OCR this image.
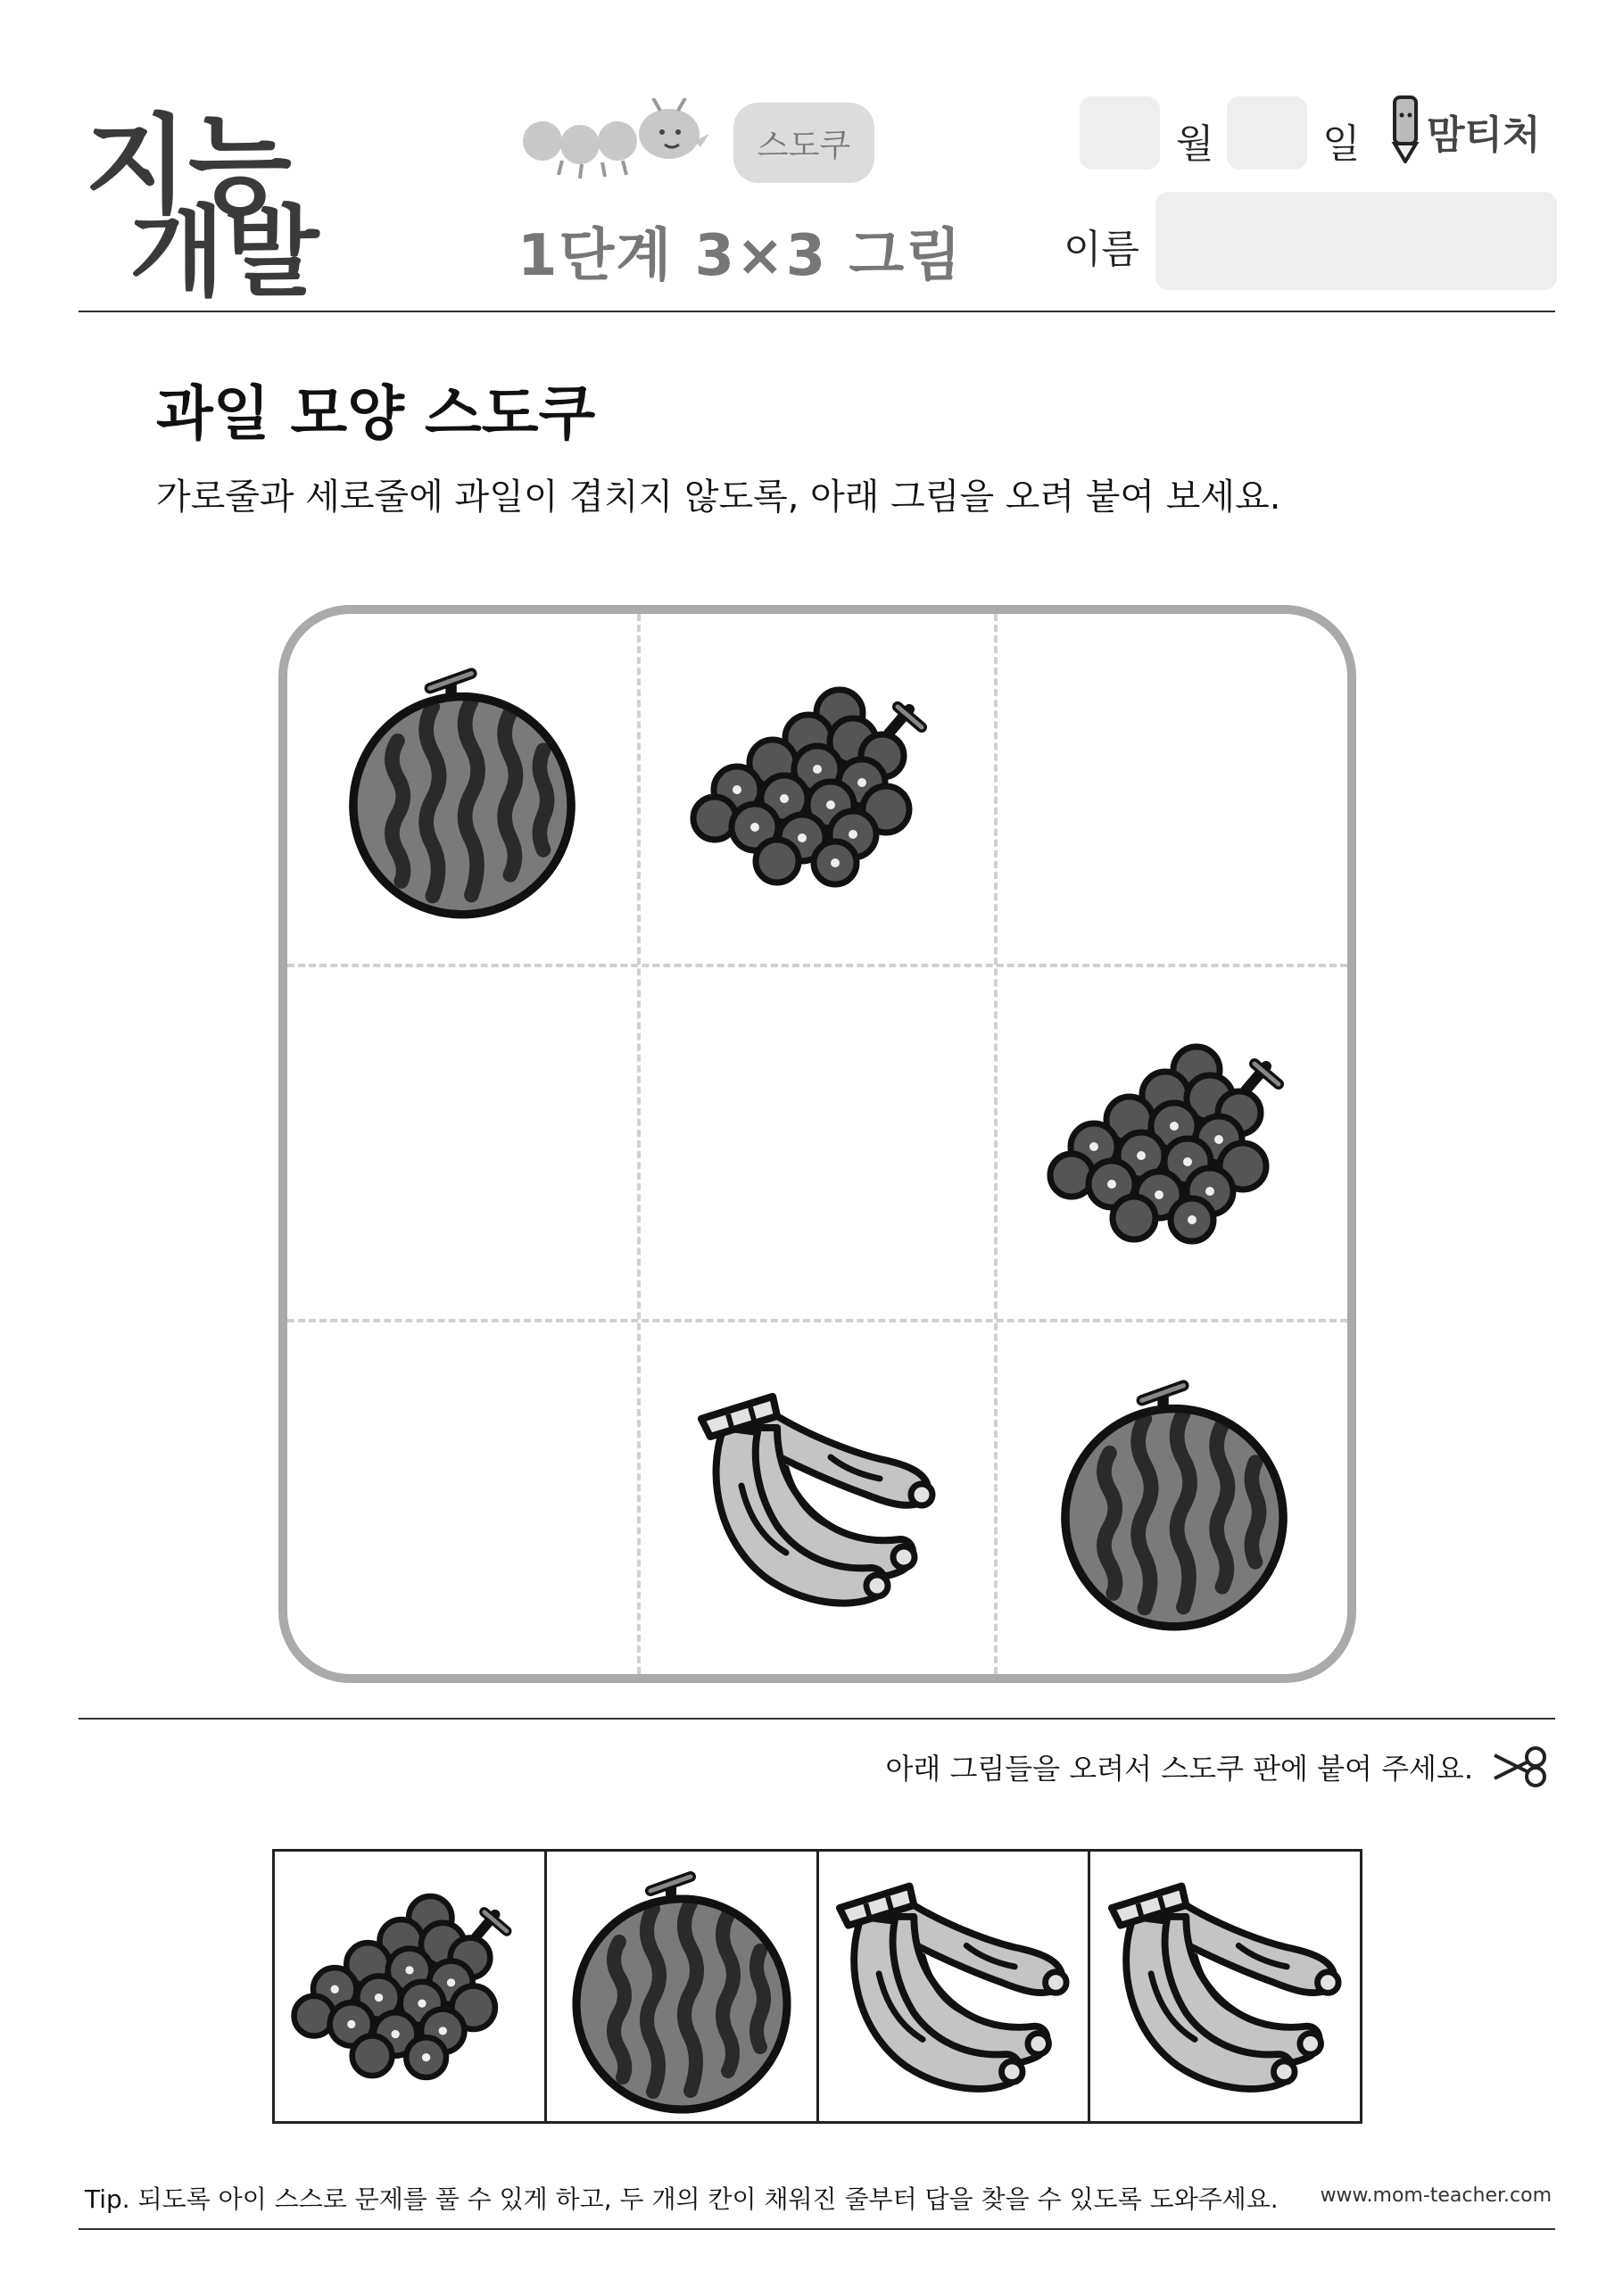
지능
개발
스도쿠
1단계 3×3 그림
월	일 맘티처
이름
과일 모양 스도쿠
가로줄과 세로줄에 과일이 겹치지 않도록, 아래 그림을 오려 붙여 보세요.
아래 그림들을 오려서 스도쿠 판에 붙여 주세요.
Tip. 되도록 아이 스스로 문제를 풀 수 있게 하고, 두 개의 칸이 채워진 줄부터 답을 찾을 수 있도록 도와주세요. www.mom-teacher.com
